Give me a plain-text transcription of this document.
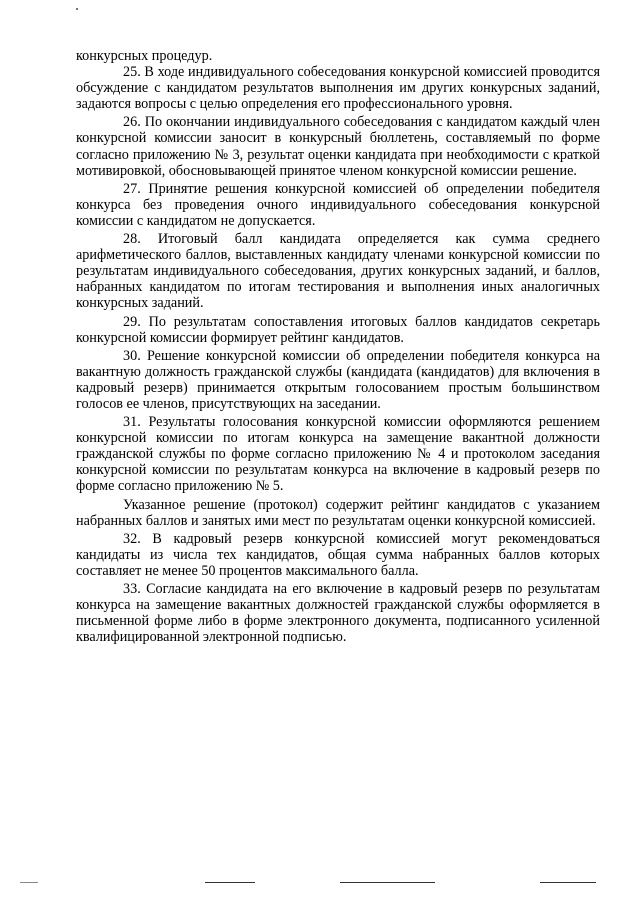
конкурсных процедур.

25. В ходе индивидуального собеседования конкурсной комиссией проводится обсуждение с кандидатом результатов выполнения им других конкурсных заданий, задаются вопросы с целью определения его профессионального уровня.

26. По окончании индивидуального собеседования с кандидатом каждый член конкурсной комиссии заносит в конкурсный бюллетень, составляемый по форме согласно приложению № 3, результат оценки кандидата при необходимости с краткой мотивировкой, обосновывающей принятое членом конкурсной комиссии решение.

27. Принятие решения конкурсной комиссией об определении победителя конкурса без проведения очного индивидуального собеседования конкурсной комиссии с кандидатом не допускается.

28. Итоговый балл кандидата определяется как сумма среднего арифметического баллов, выставленных кандидату членами конкурсной комиссии по результатам индивидуального собеседования, других конкурсных заданий, и баллов, набранных кандидатом по итогам тестирования и выполнения иных аналогичных конкурсных заданий.

29. По результатам сопоставления итоговых баллов кандидатов секретарь конкурсной комиссии формирует рейтинг кандидатов.

30. Решение конкурсной комиссии об определении победителя конкурса на вакантную должность гражданской службы (кандидата (кандидатов) для включения в кадровый резерв) принимается открытым голосованием простым большинством голосов ее членов, присутствующих на заседании.

31. Результаты голосования конкурсной комиссии оформляются решением конкурсной комиссии по итогам конкурса на замещение вакантной должности гражданской службы по форме согласно приложению № 4 и протоколом заседания конкурсной комиссии по результатам конкурса на включение в кадровый резерв по форме согласно приложению № 5.

Указанное решение (протокол) содержит рейтинг кандидатов с указанием набранных баллов и занятых ими мест по результатам оценки конкурсной комиссией.

32. В кадровый резерв конкурсной комиссией могут рекомендоваться кандидаты из числа тех кандидатов, общая сумма набранных баллов которых составляет не менее 50 процентов максимального балла.

33. Согласие кандидата на его включение в кадровый резерв по результатам конкурса на замещение вакантных должностей гражданской службы оформляется в письменной форме либо в форме электронного документа, подписанного усиленной квалифицированной электронной подписью.
